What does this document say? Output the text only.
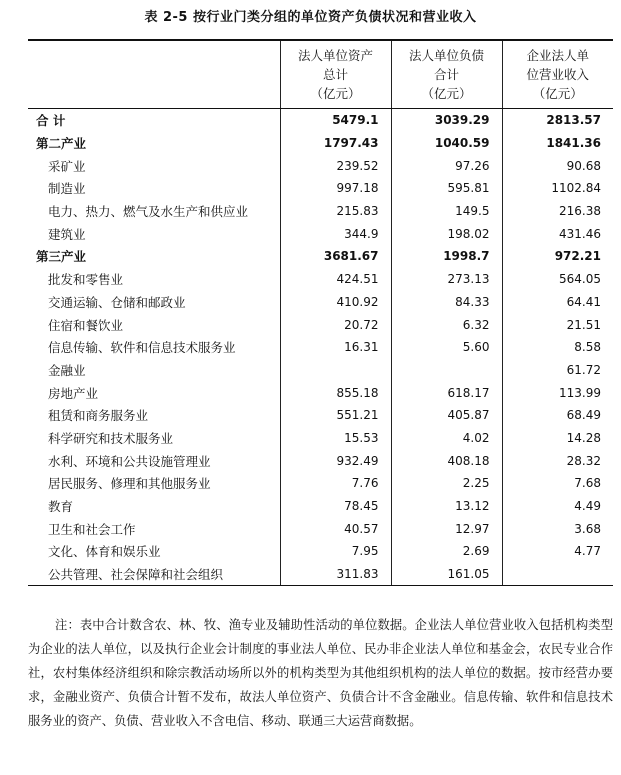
表 2-5 按行业门类分组的单位资产负债状况和营业收入
	法人单位资产
总计
（亿元）	法人单位负债
合计
（亿元）	企业法人单
位营业收入
（亿元）
合 计	5479.1	3039.29	2813.57
第二产业	1797.43	1040.59	1841.36
采矿业	239.52	97.26	90.68
制造业	997.18	595.81	1102.84
电力、热力、燃气及水生产和供应业	215.83	149.5	216.38
建筑业	344.9	198.02	431.46
第三产业	3681.67	1998.7	972.21
批发和零售业	424.51	273.13	564.05
交通运输、仓储和邮政业	410.92	84.33	64.41
住宿和餐饮业	20.72	6.32	21.51
信息传输、软件和信息技术服务业	16.31	5.60	8.58
金融业			61.72
房地产业	855.18	618.17	113.99
租赁和商务服务业	551.21	405.87	68.49
科学研究和技术服务业	15.53	4.02	14.28
水利、环境和公共设施管理业	932.49	408.18	28.32
居民服务、修理和其他服务业	7.76	2.25	7.68
教育	78.45	13.12	4.49
卫生和社会工作	40.57	12.97	3.68
文化、体育和娱乐业	7.95	2.69	4.77
公共管理、社会保障和社会组织	311.83	161.05	
注：表中合计数含农、林、牧、渔专业及辅助性活动的单位数据。企业法人单位营业收入包括机构类型为企业的法人单位，以及执行企业会计制度的事业法人单位、民办非企业法人单位和基金会，农民专业合作社，农村集体经济组织和除宗教活动场所以外的机构类型为其他组织机构的法人单位的数据。按市经营办要求，金融业资产、负债合计暂不发布，故法人单位资产、负债合计不含金融业。信息传输、软件和信息技术服务业的资产、负债、营业收入不含电信、移动、联通三大运营商数据。
